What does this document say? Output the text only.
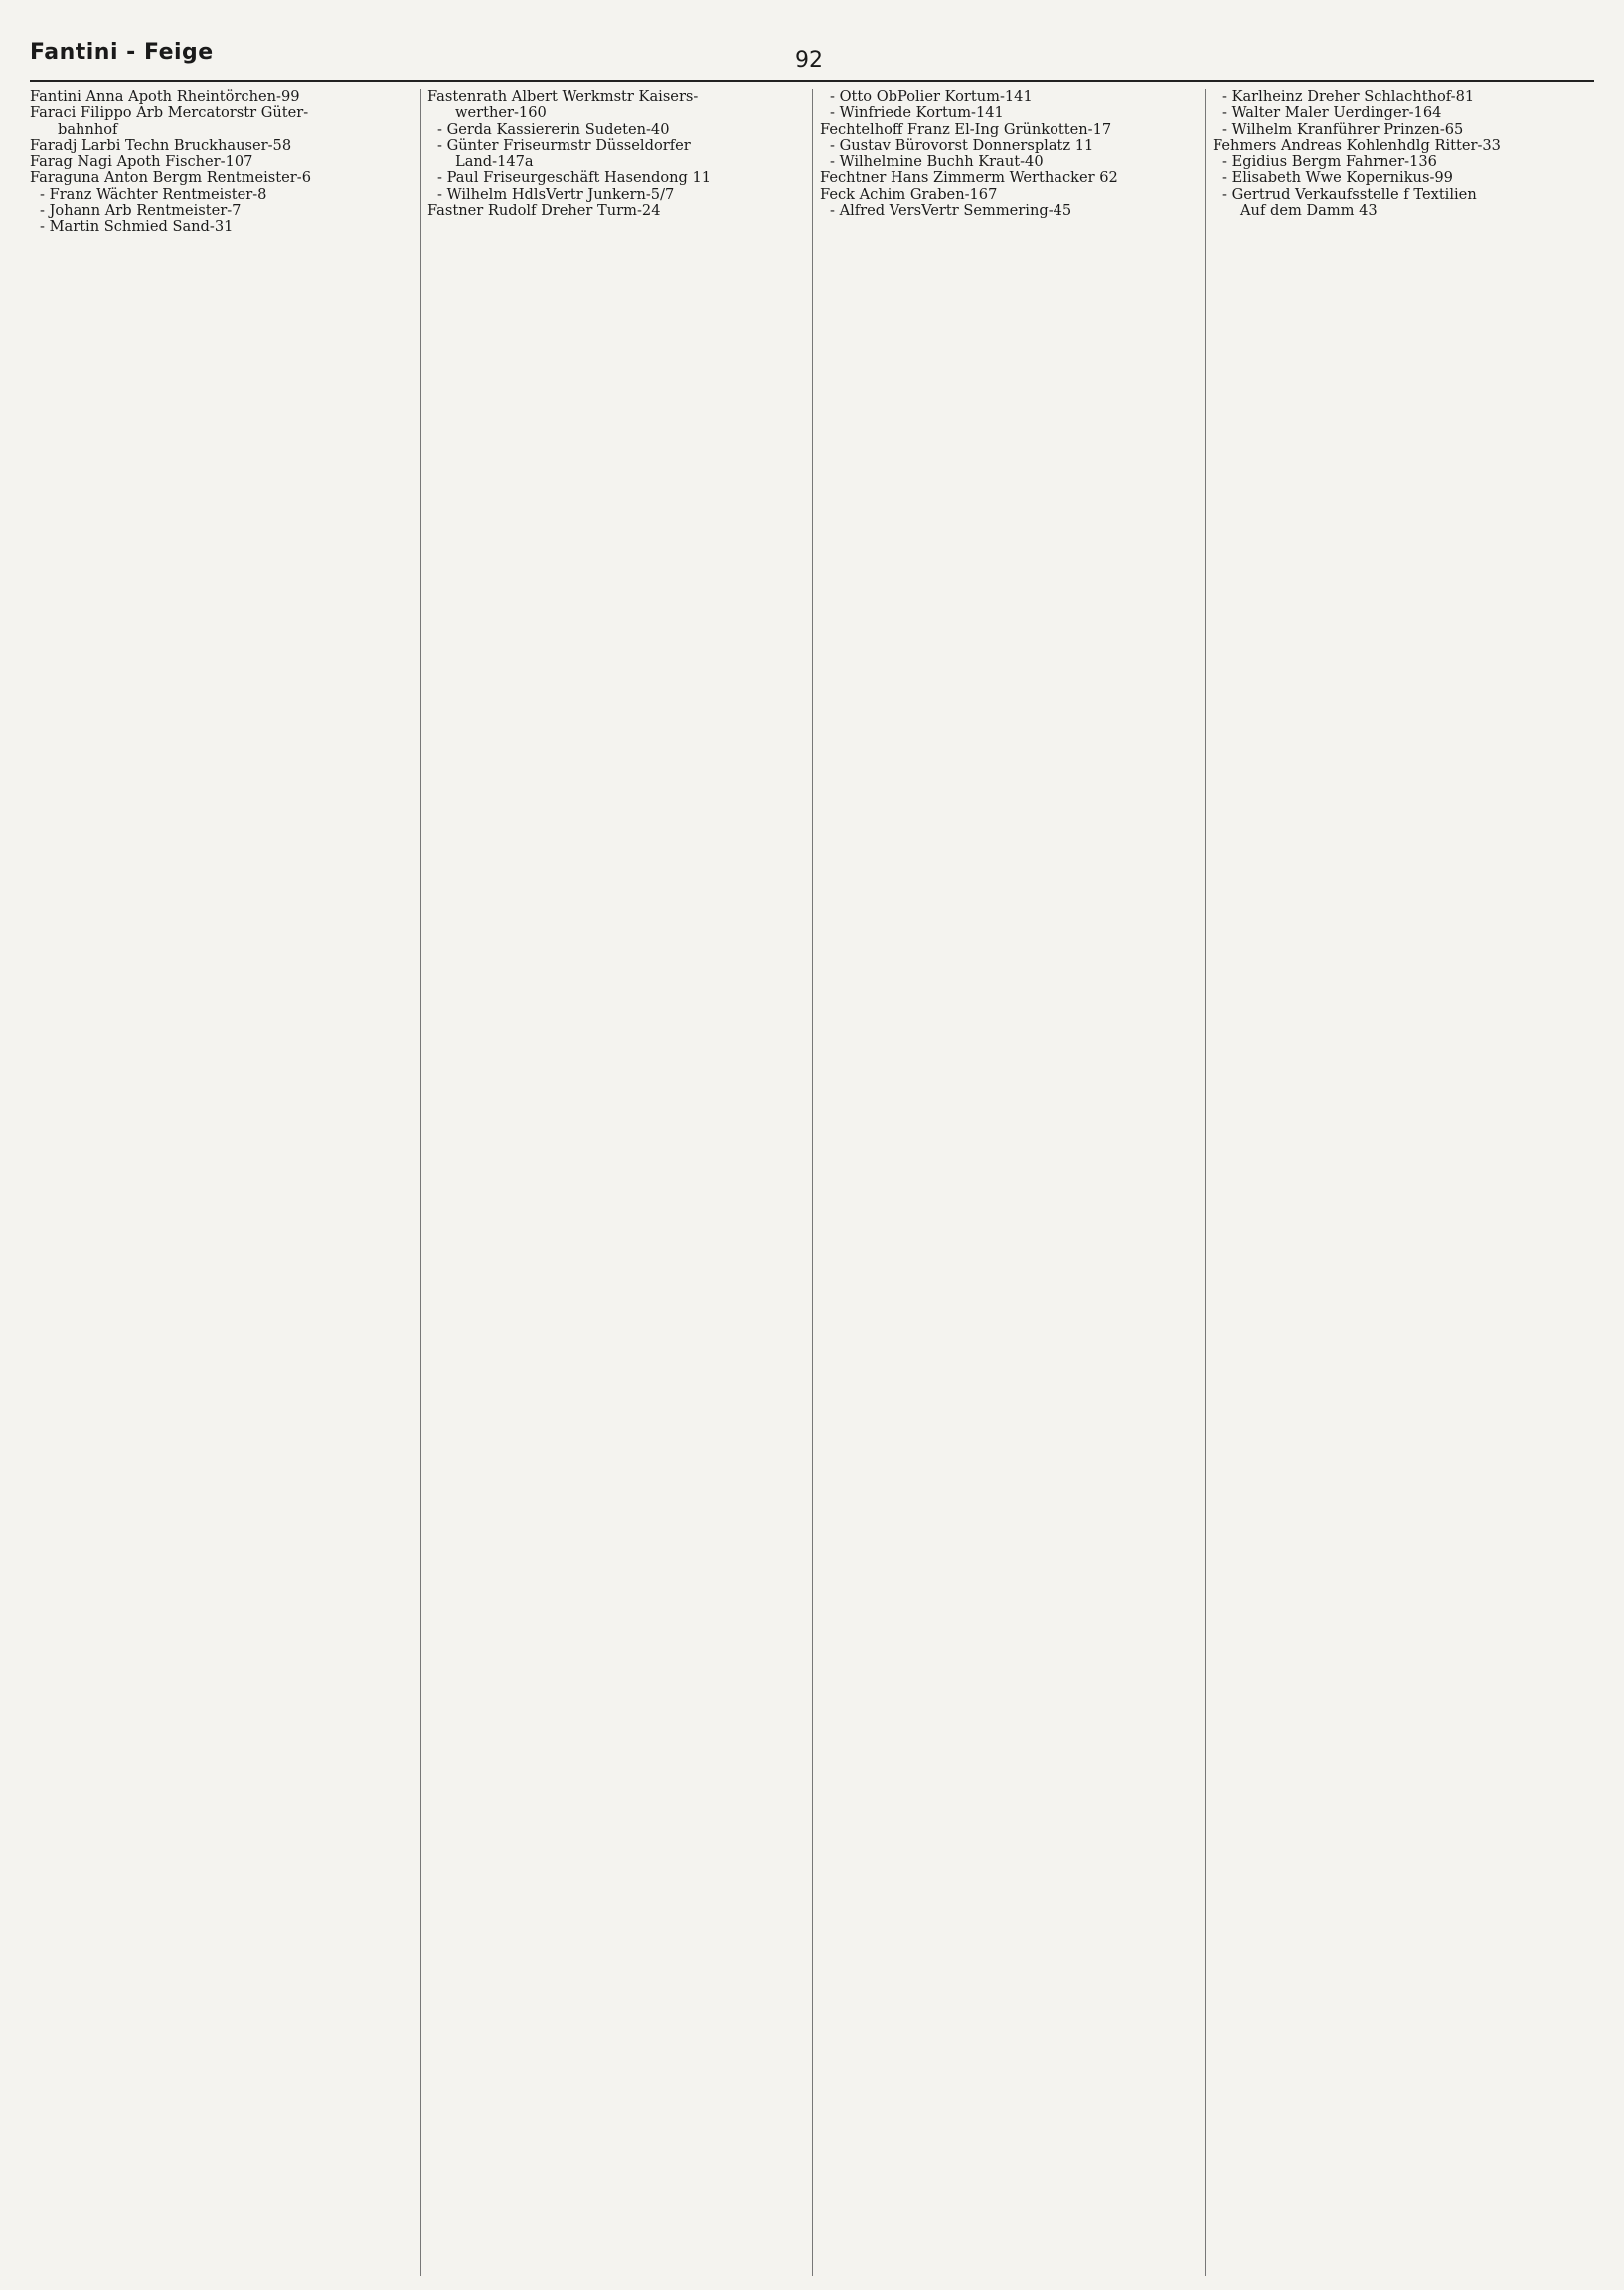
Fantini - Feige	92
Fantini Anna Apoth Rheintörchen-99
Faraci Filippo Arb Mercatorstr Güter-
bahnhof
Faradj Larbi Techn Bruckhauser-58
Farag Nagi Apoth Fischer-107
Faraguna Anton Bergm Rentmeister-6
- Franz Wächter Rentmeister-8
- Johann Arb Rentmeister-7
- Martin Schmied Sand-31
Fastenrath Albert Werkmstr Kaisers-
werther-160
- Gerda Kassiererin Sudeten-40
- Günter Friseurmstr Düsseldorfer
Land-147a
- Paul Friseurgeschäft Hasendong 11
- Wilhelm HdlsVertr Junkern-5/7
Fastner Rudolf Dreher Turm-24
- Otto ObPolier Kortum-141
- Winfriede Kortum-141
Fechtelhoff Franz El-Ing Grünkotten-17
- Gustav Bürovorst Donnersplatz 11
- Wilhelmine Buchh Kraut-40
Fechtner Hans Zimmerm Werthacker 62
Feck Achim Graben-167
- Alfred VersVertr Semmering-45
- Karlheinz Dreher Schlachthof-81
- Walter Maler Uerdinger-164
- Wilhelm Kranführer Prinzen-65
Fehmers Andreas Kohlenhdlg Ritter-33
- Egidius Bergm Fahrner-136
- Elisabeth Wwe Kopernikus-99
- Gertrud Verkaufsstelle f Textilien
Auf dem Damm 43
